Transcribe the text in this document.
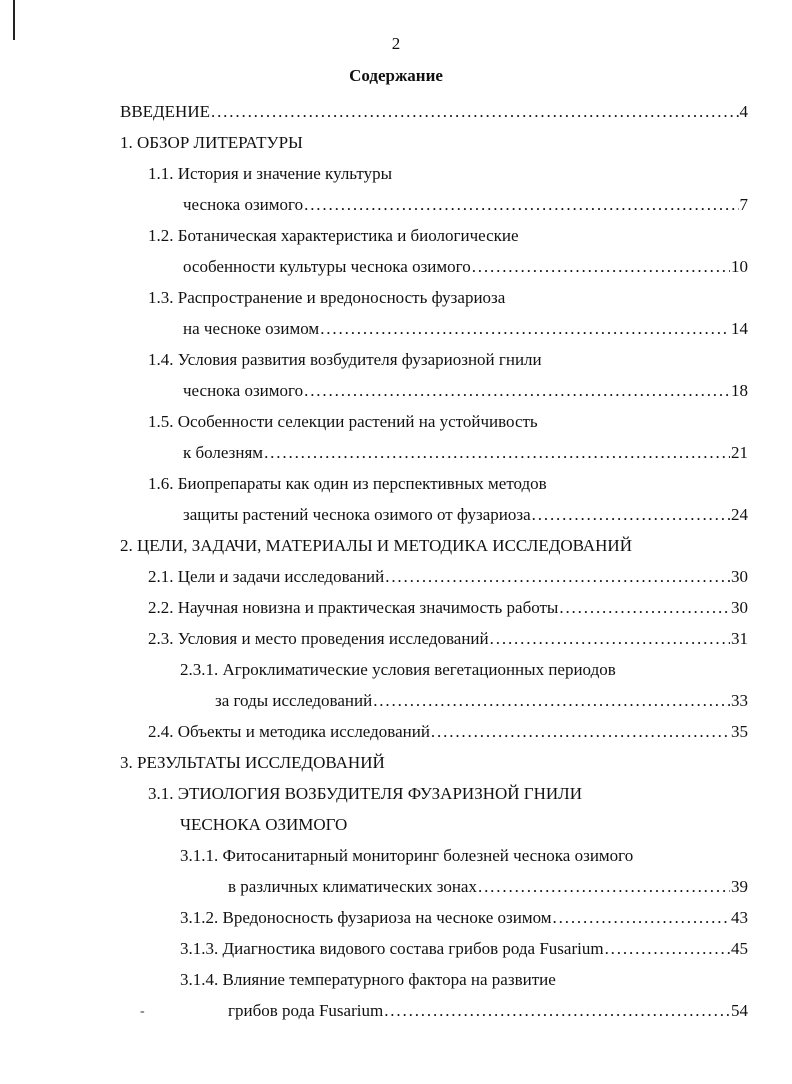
2
Содержание
ВВЕДЕНИЕ . . .	4
1. ОБЗОР ЛИТЕРАТУРЫ
1.1. История и значение культуры
чеснока озимого . . .	7
1.2. Ботаническая характеристика и биологические
особенности культуры чеснока озимого . . .	10
1.3. Распространение и вредоносность фузариоза
на чесноке озимом . . .	14
1.4. Условия развития возбудителя фузариозной гнили
чеснока озимого . . .	18
1.5. Особенности селекции растений на устойчивость
к болезням . . .	21
1.6. Биопрепараты как один из перспективных методов
защиты растений чеснока озимого от фузариоза . . .	24
2. ЦЕЛИ, ЗАДАЧИ, МАТЕРИАЛЫ И МЕТОДИКА ИССЛЕДОВАНИЙ
2.1. Цели и задачи исследований . . .	30
2.2. Научная новизна и практическая значимость работы . . .	30
2.3. Условия и место проведения исследований . . .	31
2.3.1. Агроклиматические условия вегетационных периодов
за годы исследований . . .	33
2.4. Объекты и методика исследований . . .	35
3. РЕЗУЛЬТАТЫ ИССЛЕДОВАНИЙ
3.1. ЭТИОЛОГИЯ ВОЗБУДИТЕЛЯ ФУЗАРИЗНОЙ ГНИЛИ
ЧЕСНОКА ОЗИМОГО
3.1.1. Фитосанитарный мониторинг болезней чеснока озимого
в различных климатических зонах . . .	39
3.1.2. Вредоносность фузариоза на чесноке озимом . . .	43
3.1.3. Диагностика видового состава грибов рода Fusarium . . .	45
3.1.4. Влияние температурного фактора на развитие
грибов рода Fusarium . . .	54
-
